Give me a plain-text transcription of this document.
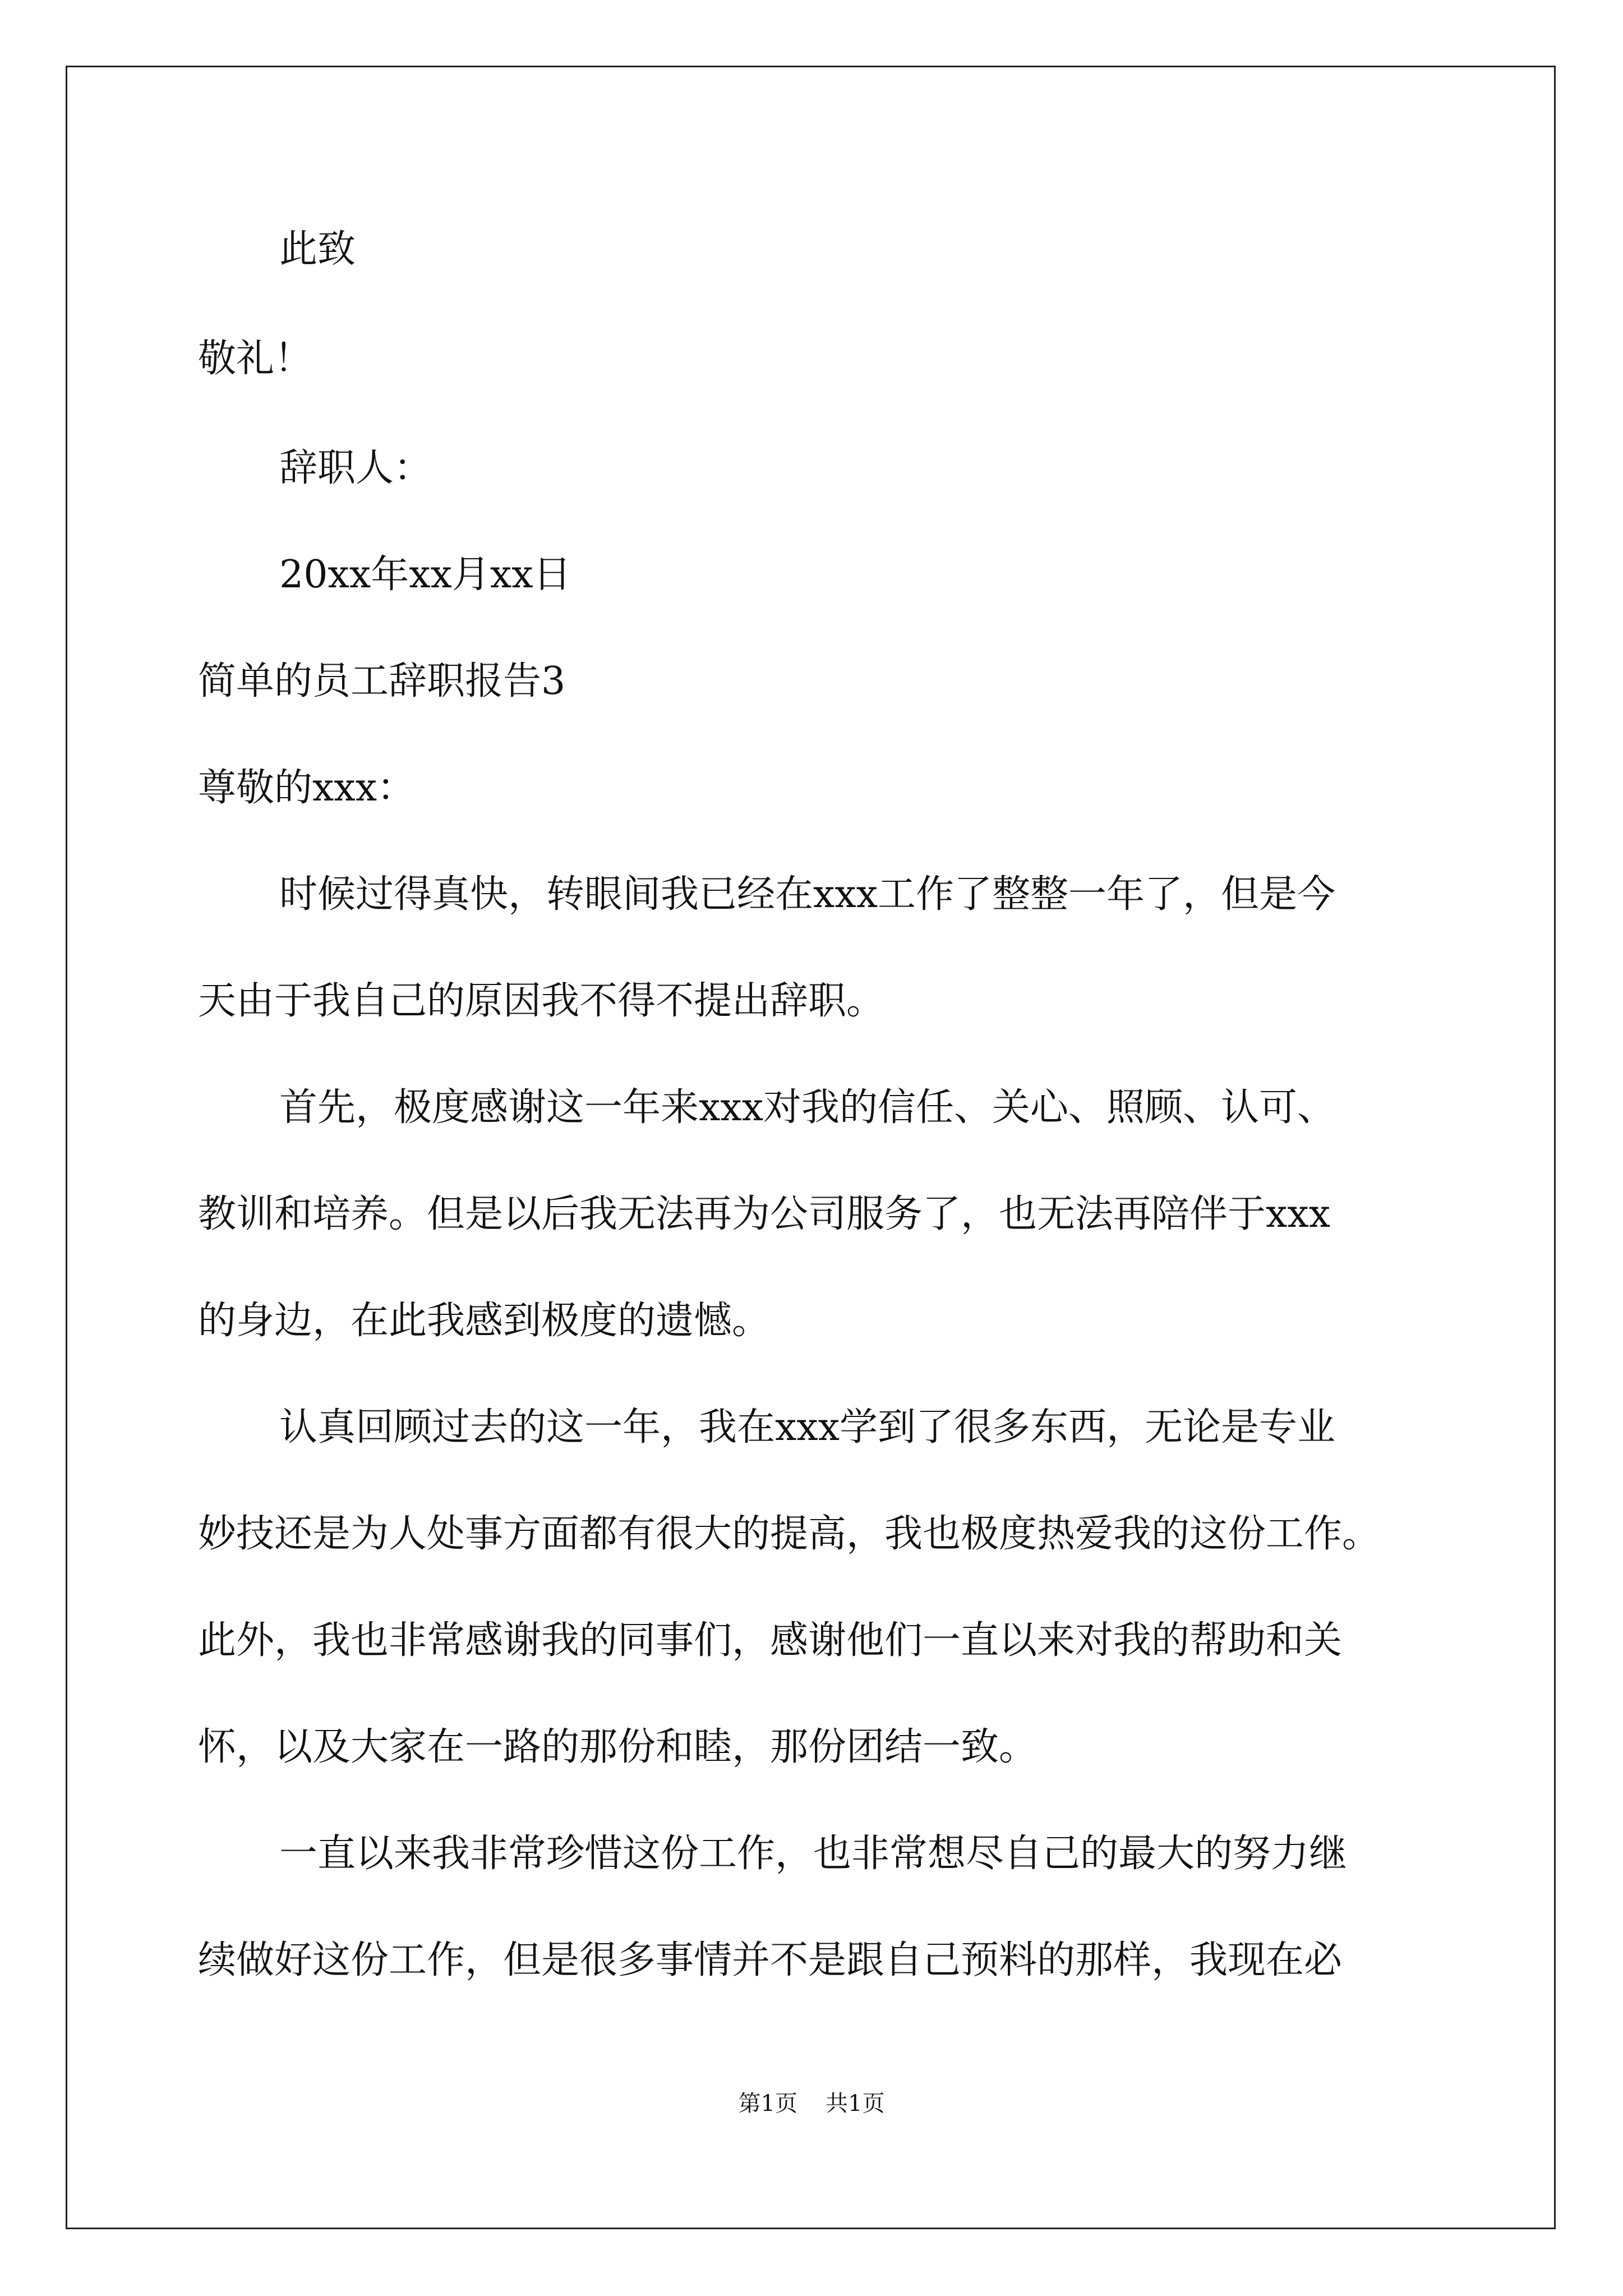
此致
敬礼！
辞职人：
20xx年xx月xx日
简单的员工辞职报告3
尊敬的xxx：
时候过得真快，转眼间我已经在xxx工作了整整一年了，但是今
天由于我自己的原因我不得不提出辞职。
首先，极度感谢这一年来xxx对我的信任、关心、照顾、认可、
教训和培养。但是以后我无法再为公司服务了，也无法再陪伴于xxx
的身边，在此我感到极度的遗憾。
认真回顾过去的这一年，我在xxx学到了很多东西，无论是专业
妙技还是为人处事方面都有很大的提高，我也极度热爱我的这份工作。
此外，我也非常感谢我的同事们，感谢他们一直以来对我的帮助和关
怀，以及大家在一路的那份和睦，那份团结一致。
一直以来我非常珍惜这份工作，也非常想尽自己的最大的努力继
续做好这份工作，但是很多事情并不是跟自己预料的那样，我现在必
第1页 共1页
